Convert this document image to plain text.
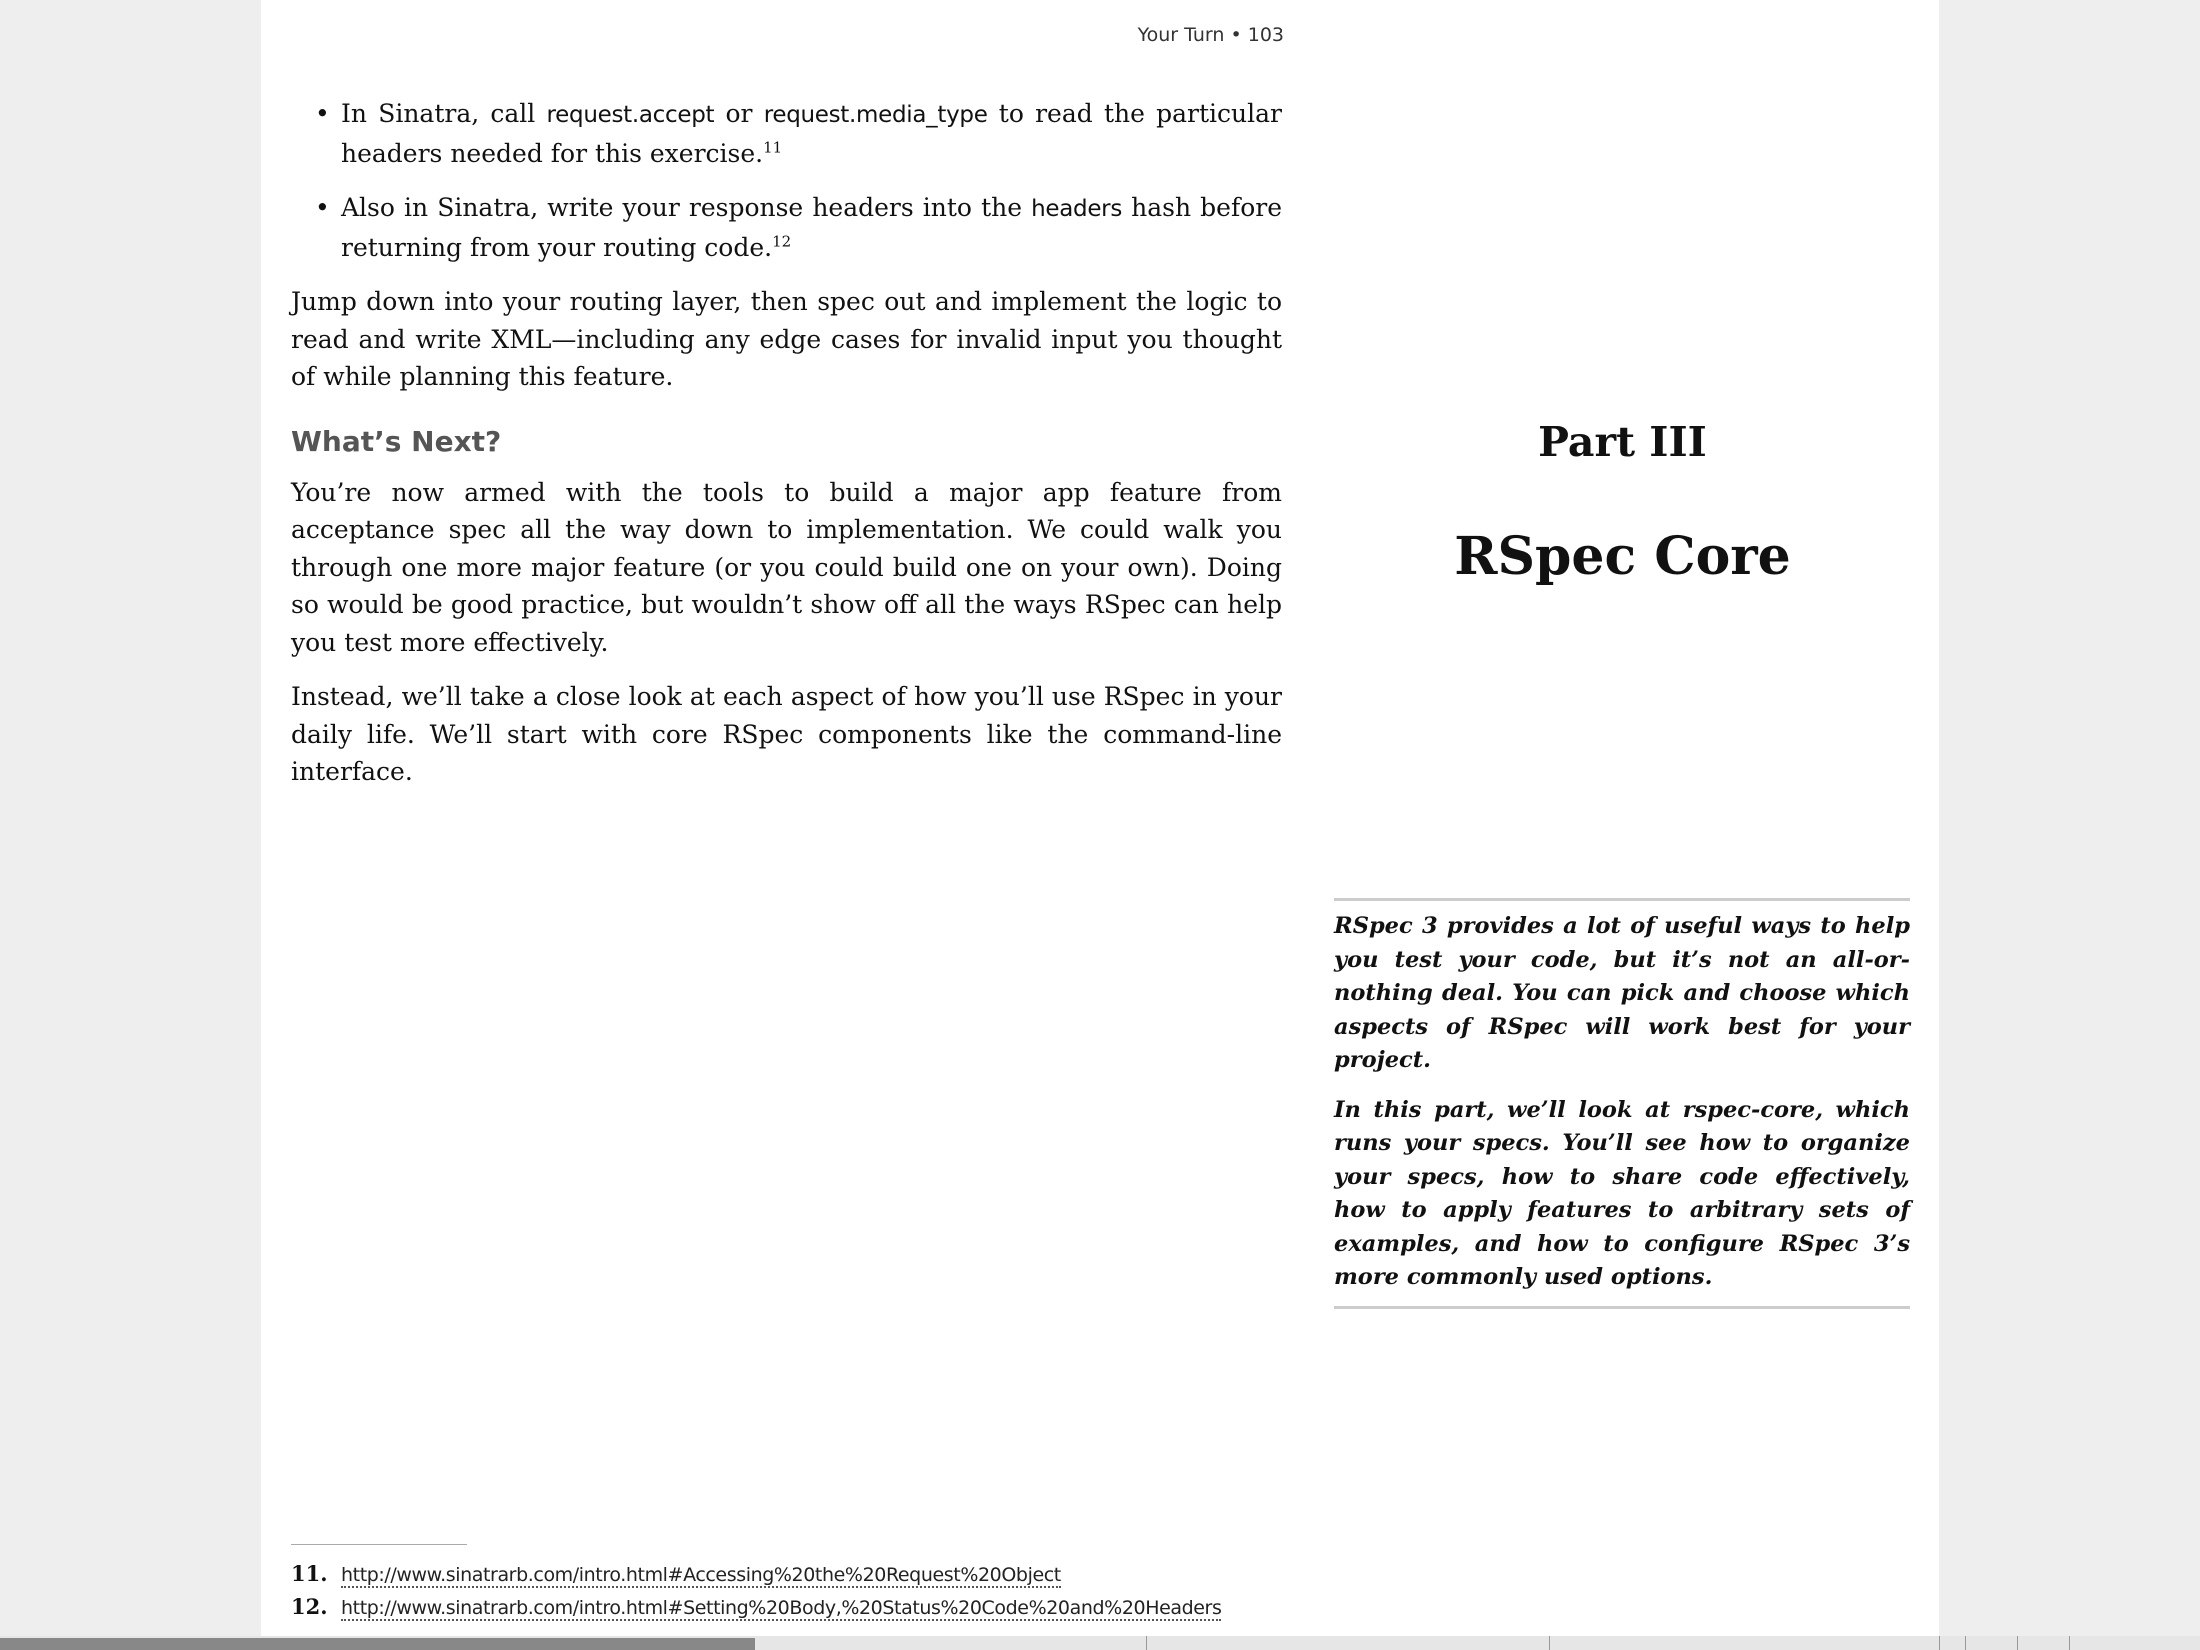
Your Turn • 103
• In Sinatra, call request.accept or request.media_type to read the particular headers needed for this exercise.$^{11}$
• Also in Sinatra, write your response headers into the headers hash before returning from your routing code.$^{12}$

Jump down into your routing layer, then spec out and implement the logic to read and write XML—including any edge cases for invalid input you thought of while planning this feature.

What’s Next?

You’re now armed with the tools to build a major app feature from acceptance spec all the way down to implementation. We could walk you through one more major feature (or you could build one on your own). Doing so would be good practice, but wouldn’t show off all the ways RSpec can help you test more effectively.

Instead, we’ll take a close look at each aspect of how you’ll use RSpec in your daily life. We’ll start with core RSpec components like the command-line interface.

Part III
RSpec Core

RSpec 3 provides a lot of useful ways to help you test your code, but it’s not an all-or-nothing deal. You can pick and choose which aspects of RSpec will work best for your project.

In this part, we’ll look at rspec-core, which runs your specs. You’ll see how to organize your specs, how to share code effectively, how to apply features to arbitrary sets of examples, and how to configure RSpec 3’s more commonly used options.

11. http://www.sinatrarb.com/intro.html#Accessing%20the%20Request%20Object
12. http://www.sinatrarb.com/intro.html#Setting%20Body,%20Status%20Code%20and%20Headers
